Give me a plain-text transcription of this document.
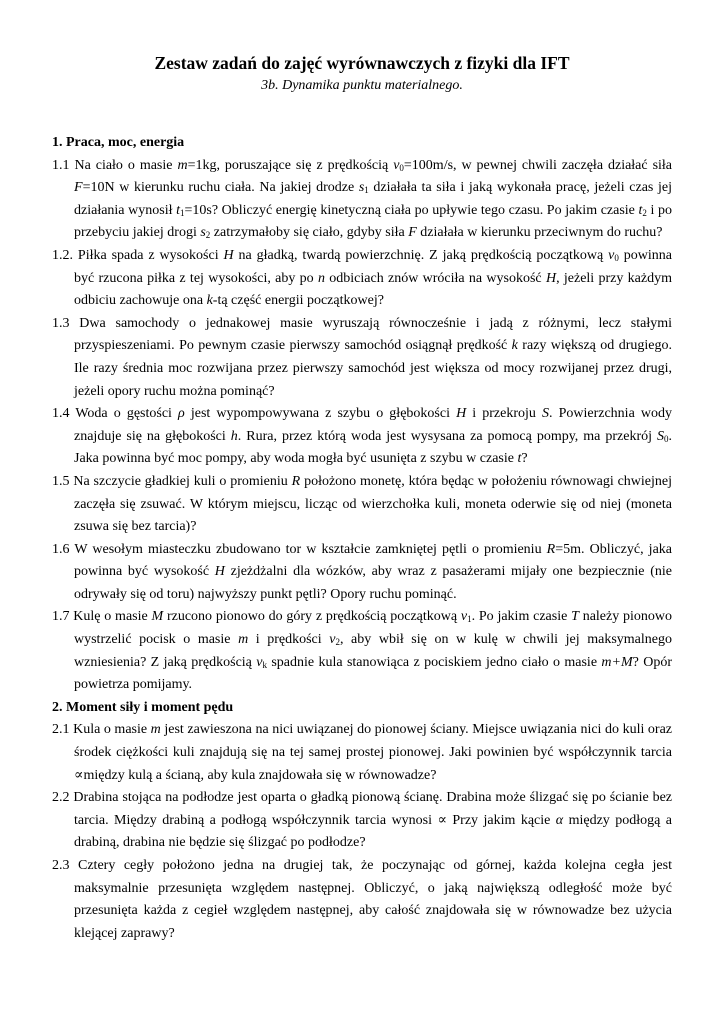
Zestaw zadań do zajęć wyrównawczych z fizyki dla IFT

3b. Dynamika punktu materialnego.

1. Praca, moc, energia

1.1 Na ciało o masie m=1kg, poruszające się z prędkością $v_0=100m/s$, w pewnej chwili zaczęła działać siła F=10N w kierunku ruchu ciała. Na jakiej drodze $s_1$ działała ta siła i jaką wykonała pracę, jeżeli czas jej działania wynosił $t_1=10s$? Obliczyć energię kinetyczną ciała po upływie tego czasu. Po jakim czasie $t_2$ i po przebyciu jakiej drogi $s_2$ zatrzymałoby się ciało, gdyby siła F działała w kierunku przeciwnym do ruchu?

1.2. Piłka spada z wysokości H na gładką, twardą powierzchnię. Z jaką prędkością początkową $v_0$ powinna być rzucona piłka z tej wysokości, aby po n odbiciach znów wróciła na wysokość H, jeżeli przy każdym odbiciu zachowuje ona k-tą część energii początkowej?

1.3 Dwa samochody o jednakowej masie wyruszają równocześnie i jadą z różnymi, lecz stałymi przyspieszeniami. Po pewnym czasie pierwszy samochód osiągnął prędkość k razy większą od drugiego. Ile razy średnia moc rozwijana przez pierwszy samochód jest większa od mocy rozwijanej przez drugi, jeżeli opory ruchu można pominąć?

1.4 Woda o gęstości ρ jest wypompowywana z szybu o głębokości H i przekroju S. Powierzchnia wody znajduje się na głębokości h. Rura, przez którą woda jest wysysana za pomocą pompy, ma przekrój $S_0$. Jaka powinna być moc pompy, aby woda mogła być usunięta z szybu w czasie t?

1.5 Na szczycie gładkiej kuli o promieniu R położono monetę, która będąc w położeniu równowagi chwiejnej zaczęła się zsuwać. W którym miejscu, licząc od wierzchołka kuli, moneta oderwie się od niej (moneta zsuwa się bez tarcia)?

1.6 W wesołym miasteczku zbudowano tor w kształcie zamkniętej pętli o promieniu R=5m. Obliczyć, jaka powinna być wysokość H zjeżdżalni dla wózków, aby wraz z pasażerami mijały one bezpiecznie (nie odrywały się od toru) najwyższy punkt pętli? Opory ruchu pominąć.

1.7 Kulę o masie M rzucono pionowo do góry z prędkością początkową $v_1$. Po jakim czasie T należy pionowo wystrzelić pocisk o masie m i prędkości $v_2$, aby wbił się on w kulę w chwili jej maksymalnego wzniesienia? Z jaką prędkością $v_k$ spadnie kula stanowiąca z pociskiem jedno ciało o masie m+M? Opór powietrza pomijamy.

2. Moment siły i moment pędu

2.1 Kula o masie m jest zawieszona na nici uwiązanej do pionowej ściany. Miejsce uwiązania nici do kuli oraz środek ciężkości kuli znajdują się na tej samej prostej pionowej. Jaki powinien być współczynnik tarcia ∝między kulą a ścianą, aby kula znajdowała się w równowadze?

2.2 Drabina stojąca na podłodze jest oparta o gładką pionową ścianę. Drabina może ślizgać się po ścianie bez tarcia. Między drabiną a podłogą współczynnik tarcia wynosi ∝ Przy jakim kącie α między podłogą a drabiną, drabina nie będzie się ślizgać po podłodze?

2.3 Cztery cegły położono jedna na drugiej tak, że poczynając od górnej, każda kolejna cegła jest maksymalnie przesunięta względem następnej. Obliczyć, o jaką największą odległość może być przesunięta każda z cegieł względem następnej, aby całość znajdowała się w równowadze bez użycia klejącej zaprawy?
